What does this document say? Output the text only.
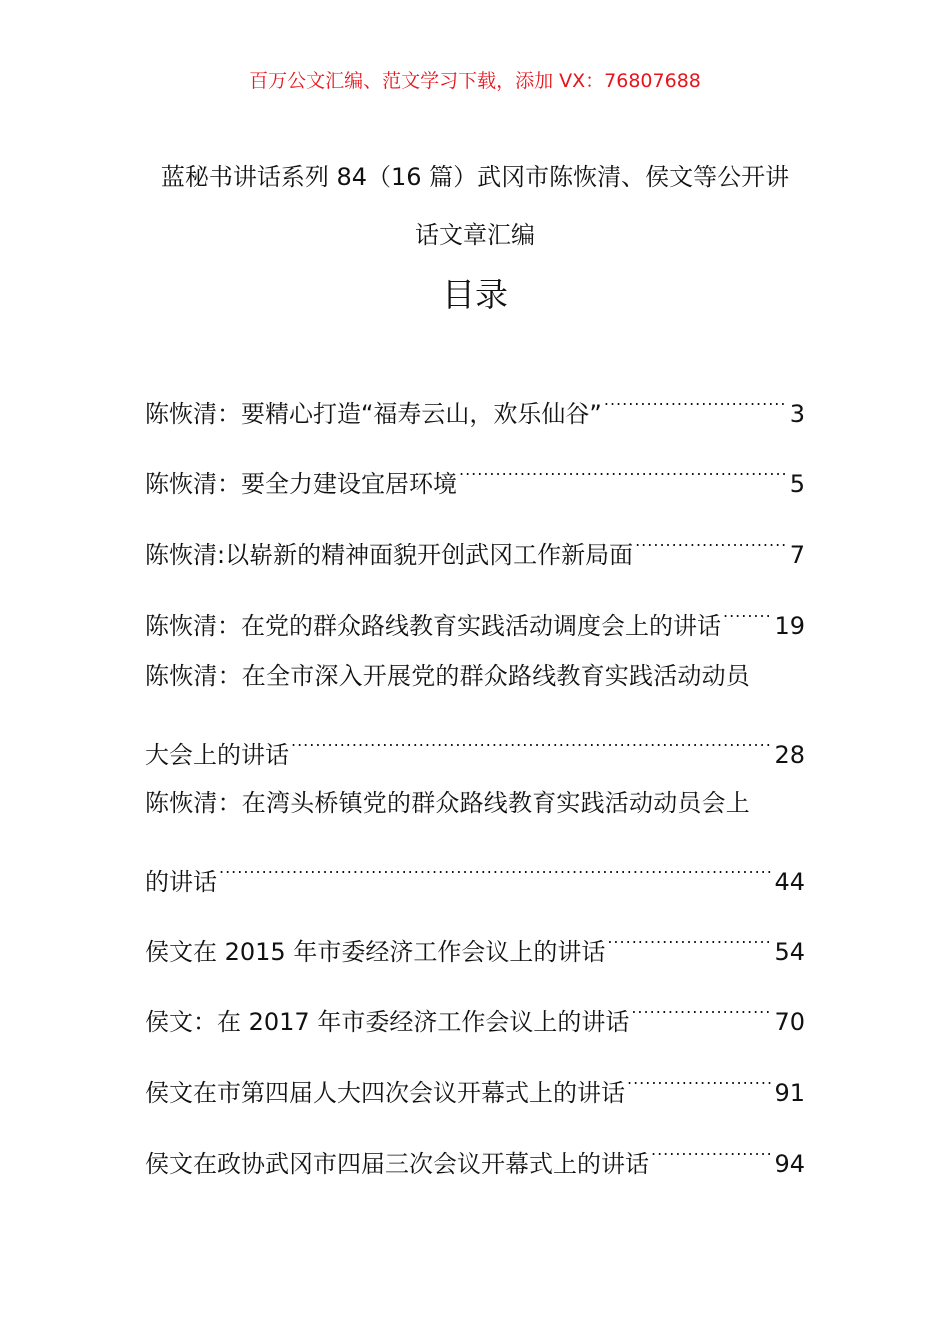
百万公文汇编、范文学习下载，添加 VX：76807688
蓝秘书讲话系列 84（16 篇）武冈市陈恢清、侯文等公开讲
话文章汇编
目录
陈恢清：要精心打造“福寿云山，欢乐仙谷” .....	3
陈恢清：要全力建设宜居环境 .....	5
陈恢清:以崭新的精神面貌开创武冈工作新局面 .....	7
陈恢清：在党的群众路线教育实践活动调度会上的讲话 ..... 19
陈恢清：在全市深入开展党的群众路线教育实践活动动员
大会上的讲话 .....	28
陈恢清：在湾头桥镇党的群众路线教育实践活动动员会上
的讲话 .....	44
侯文在 2015 年市委经济工作会议上的讲话 .....	54
侯文：在 2017 年市委经济工作会议上的讲话 .....	70
侯文在市第四届人大四次会议开幕式上的讲话 .....	91
侯文在政协武冈市四届三次会议开幕式上的讲话 .....	94
